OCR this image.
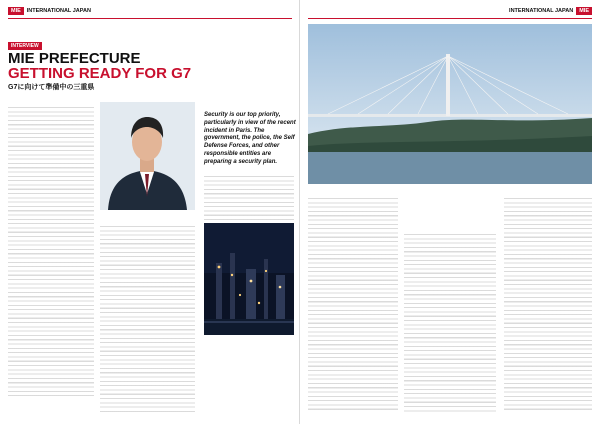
MIE	INTERNATIONAL JAPAN
INTERVIEW
MIE PREFECTURE
GETTING READY FOR G7
G7に向けて準備中の三重県
Security is our top priority, particularly in view of the recent incident in Paris. The government, the police, the Self Defense Forces, and other responsible entities are preparing a security plan.
INTERNATIONAL JAPAN	MIE
